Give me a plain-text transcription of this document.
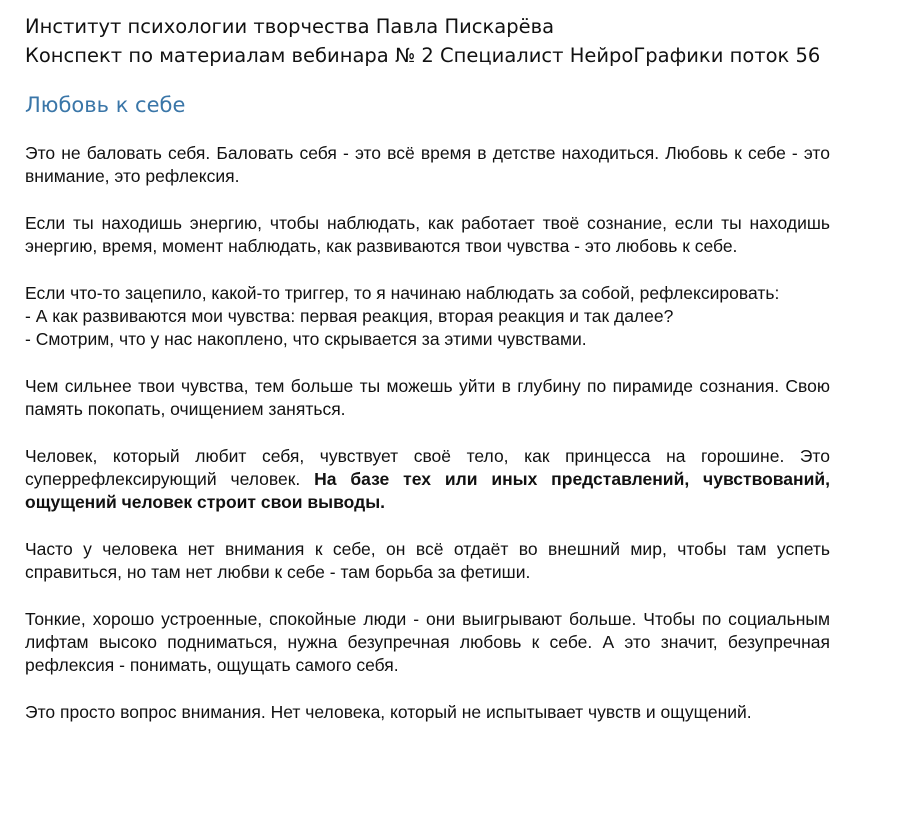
Институт психологии творчества Павла Пискарёва

Конспект по материалам вебинара № 2 Специалист НейроГрафики поток 56

Любовь к себе

Это не баловать себя. Баловать себя - это всё время в детстве находиться. Любовь к себе - это внимание, это рефлексия.

Если ты находишь энергию, чтобы наблюдать, как работает твоё сознание, если ты находишь энергию, время, момент наблюдать, как развиваются твои чувства - это любовь к себе.

Если что-то зацепило, какой-то триггер, то я начинаю наблюдать за собой, рефлексировать:
- А как развиваются мои чувства: первая реакция, вторая реакция и так далее?
- Смотрим, что у нас накоплено, что скрывается за этими чувствами.

Чем сильнее твои чувства, тем больше ты можешь уйти в глубину по пирамиде сознания. Свою память покопать, очищением заняться.

Человек, который любит себя, чувствует своё тело, как принцесса на горошине. Это суперрефлексирующий человек. На базе тех или иных представлений, чувствований, ощущений человек строит свои выводы.

Часто у человека нет внимания к себе, он всё отдаёт во внешний мир, чтобы там успеть справиться, но там нет любви к себе - там борьба за фетиши.

Тонкие, хорошо устроенные, спокойные люди - они выигрывают больше. Чтобы по социальным лифтам высоко подниматься, нужна безупречная любовь к себе. А это значит, безупречная рефлексия - понимать, ощущать самого себя.

Это просто вопрос внимания. Нет человека, который не испытывает чувств и ощущений.
